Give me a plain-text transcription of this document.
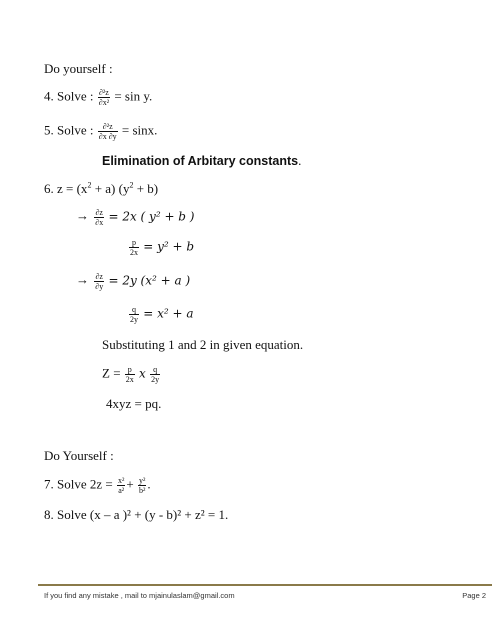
Do yourself :
4. Solve : $\frac{\text{∂²z}}{\text{∂x²}} = \sin y$.
5. Solve : $\frac{\text{∂²z}}{\partial x \partial y} = \sin x$.
Elimination of Arbitary constants.
6. $z = (x^2 + a) (y^2 + b)$
→ $\frac{\partial z}{\partial x} = 2x$ ( y² + b )
$\frac{p}{2x} = y^2 + b$
→ $\frac{\partial z}{\partial y} = 2y$ (x² + a )
$\frac{q}{2y} = x^2 + a$
Substituting 1 and 2 in given equation.
$Z = \frac{p}{2x}$ x $\frac{q}{2y}$
4xyz = pq.
Do Yourself :
7. Solve $2z = \frac{\text{x²}}{\text{a²}} + \frac{\text{y²}}{\text{b²}}$ .
8. Solve (x – a )² + (y - b)² + z² = 1.
If you find any mistake , mail to mjainulaslam@gmail.com	Page 2
